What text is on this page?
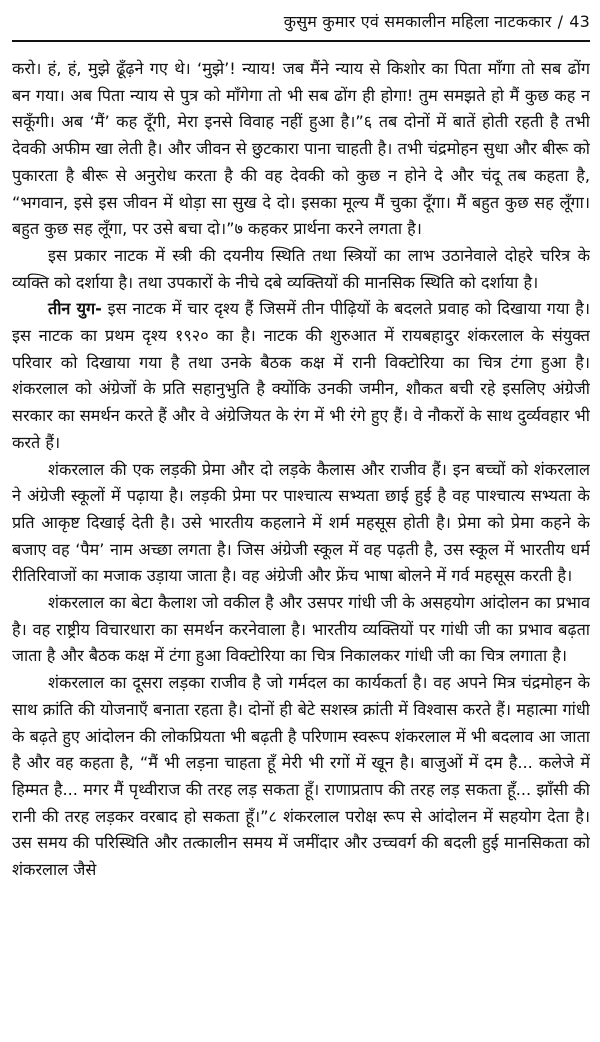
कुसुम कुमार एवं समकालीन महिला नाटककार / 43

करो। हं, हं, मुझे ढूँढ़ने गए थे। ‘मुझे’! न्याय! जब मैंने न्याय से किशोर का पिता माँगा तो सब ढोंग बन गया। अब पिता न्याय से पुत्र को माँगेगा तो भी सब ढोंग ही होगा! तुम समझते हो मैं कुछ कह न सकूँगी। अब ‘मैं’ कह दूँगी, मेरा इनसे विवाह नहीं हुआ है।”६ तब दोनों में बातें होती रहती है तभी देवकी अफीम खा लेती है। और जीवन से छुटकारा पाना चाहती है। तभी चंद्रमोहन सुधा और बीरू को पुकारता है बीरू से अनुरोध करता है की वह देवकी को कुछ न होने दे और चंदू तब कहता है, “भगवान, इसे इस जीवन में थोड़ा सा सुख दे दो। इसका मूल्य मैं चुका दूँगा। मैं बहुत कुछ सह लूँगा। बहुत कुछ सह लूँगा, पर उसे बचा दो।”७ कहकर प्रार्थना करने लगता है।

इस प्रकार नाटक में स्त्री की दयनीय स्थिति तथा स्त्रियों का लाभ उठानेवाले दोहरे चरित्र के व्यक्ति को दर्शाया है। तथा उपकारों के नीचे दबे व्यक्तियों की मानसिक स्थिति को दर्शाया है।

तीन युग- इस नाटक में चार दृश्य हैं जिसमें तीन पीढ़ियों के बदलते प्रवाह को दिखाया गया है। इस नाटक का प्रथम दृश्य १९२० का है। नाटक की शुरुआत में रायबहादुर शंकरलाल के संयुक्त परिवार को दिखाया गया है तथा उनके बैठक कक्ष में रानी विक्टोरिया का चित्र टंगा हुआ है। शंकरलाल को अंग्रेजों के प्रति सहानुभुति है क्योंकि उनकी जमीन, शौकत बची रहे इसलिए अंग्रेजी सरकार का समर्थन करते हैं और वे अंग्रेजियत के रंग में भी रंगे हुए हैं। वे नौकरों के साथ दुर्व्यवहार भी करते हैं।

शंकरलाल की एक लड़की प्रेमा और दो लड़के कैलास और राजीव हैं। इन बच्चों को शंकरलाल ने अंग्रेजी स्कूलों में पढ़ाया है। लड़की प्रेमा पर पाश्चात्य सभ्यता छाई हुई है वह पाश्चात्य सभ्यता के प्रति आकृष्ट दिखाई देती है। उसे भारतीय कहलाने में शर्म महसूस होती है। प्रेमा को प्रेमा कहने के बजाए वह ‘पैम’ नाम अच्छा लगता है। जिस अंग्रेजी स्कूल में वह पढ़ती है, उस स्कूल में भारतीय धर्म रीतिरिवाजों का मजाक उड़ाया जाता है। वह अंग्रेजी और फ्रेंच भाषा बोलने में गर्व महसूस करती है।

शंकरलाल का बेटा कैलाश जो वकील है और उसपर गांधी जी के असहयोग आंदोलन का प्रभाव है। वह राष्ट्रीय विचारधारा का समर्थन करनेवाला है। भारतीय व्यक्तियों पर गांधी जी का प्रभाव बढ़ता जाता है और बैठक कक्ष में टंगा हुआ विक्टोरिया का चित्र निकालकर गांधी जी का चित्र लगाता है।

शंकरलाल का दूसरा लड़का राजीव है जो गर्मदल का कार्यकर्ता है। वह अपने मित्र चंद्रमोहन के साथ क्रांति की योजनाएँ बनाता रहता है। दोनों ही बेटे सशस्त्र क्रांती में विश्वास करते हैं। महात्मा गांधी के बढ़ते हुए आंदोलन की लोकप्रियता भी बढ़ती है परिणाम स्वरूप शंकरलाल में भी बदलाव आ जाता है और वह कहता है, “मैं भी लड़ना चाहता हूँ मेरी भी रगों में खून है। बाजुओं में दम है... कलेजे में हिम्मत है... मगर मैं पृथ्वीराज की तरह लड़ सकता हूँ। राणाप्रताप की तरह लड़ सकता हूँ... झाँसी की रानी की तरह लड़कर वरबाद हो सकता हूँ।”८ शंकरलाल परोक्ष रूप से आंदोलन में सहयोग देता है। उस समय की परिस्थिति और तत्कालीन समय में जमींदार और उच्चवर्ग की बदली हुई मानसिकता को शंकरलाल जैसे
